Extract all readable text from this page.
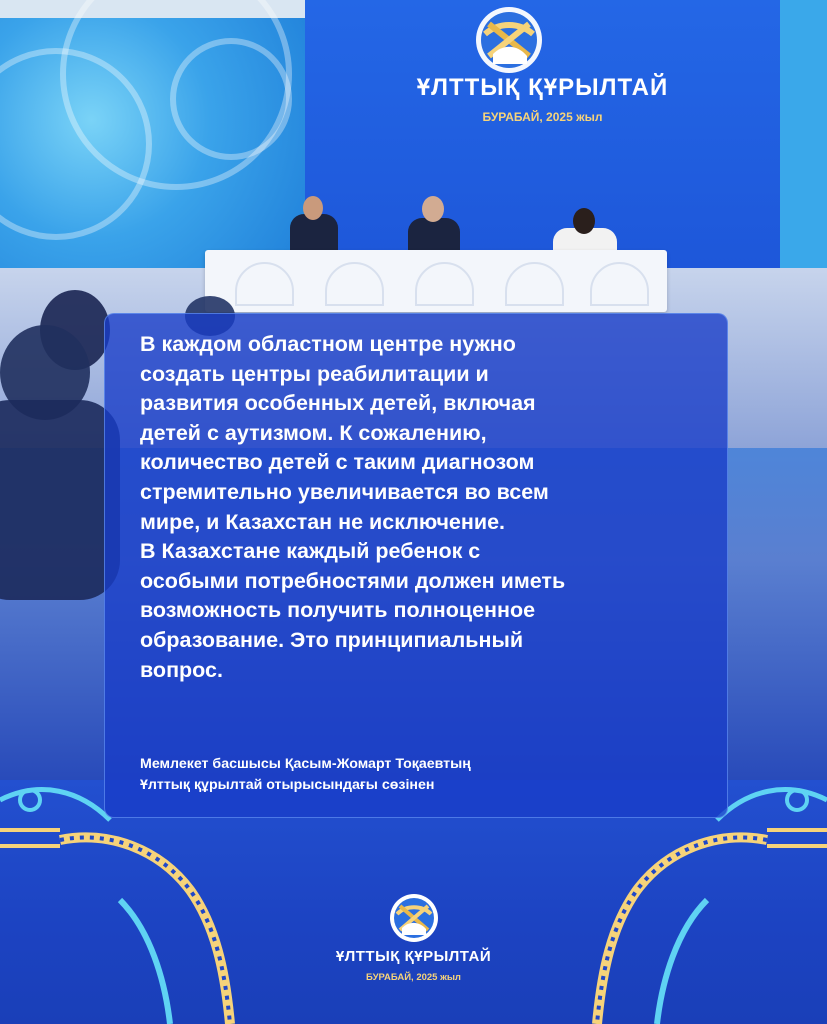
ҰЛТТЫҚ ҚҰРЫЛТАЙ
БУРАБАЙ, 2025 жыл

В каждом областном центре нужно

создать центры реабилитации и

развития особенных детей, включая

детей с аутизмом. К сожалению,

количество детей с таким диагнозом

стремительно увеличивается во всем

мире, и Казахстан не исключение.

В Казахстане каждый ребенок с

особыми потребностями должен иметь

возможность получить полноценное

образование. Это принципиальный

вопрос.

Мемлекет басшысы Қасым-Жомарт Тоқаевтың
Ұлттық құрылтай отырысындағы сөзінен
ҰЛТТЫҚ ҚҰРЫЛТАЙ
БУРАБАЙ, 2025 жыл
